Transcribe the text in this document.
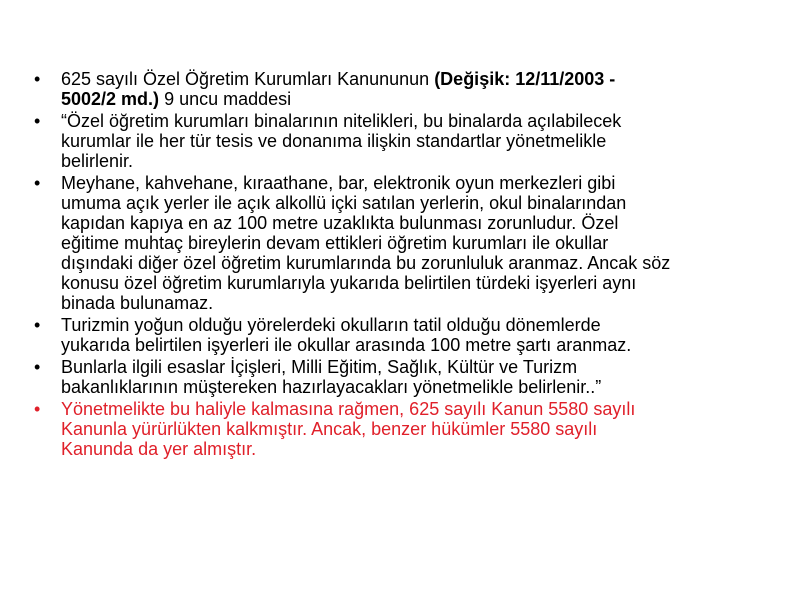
•	625 sayılı Özel Öğretim Kurumları Kanununun (Değişik: 12/11/2003 - 5002/2 md.) 9 uncu maddesi
•	“Özel öğretim kurumları binalarının nitelikleri, bu binalarda açılabilecek kurumlar ile her tür tesis ve donanıma ilişkin standartlar yönetmelikle belirlenir.
•	Meyhane, kahvehane, kıraathane, bar, elektronik oyun merkezleri gibi umuma açık yerler ile açık alkollü içki satılan yerlerin, okul binalarından kapıdan kapıya en az 100 metre uzaklıkta bulunması zorunludur. Özel eğitime muhtaç bireylerin devam ettikleri öğretim kurumları ile okullar dışındaki diğer özel öğretim kurumlarında bu zorunluluk aranmaz. Ancak söz konusu özel öğretim kurumlarıyla yukarıda belirtilen türdeki işyerleri aynı binada bulunamaz.
•	Turizmin yoğun olduğu yörelerdeki okulların tatil olduğu dönemlerde yukarıda belirtilen işyerleri ile okullar arasında 100 metre şartı aranmaz.
•	Bunlarla ilgili esaslar İçişleri, Milli Eğitim, Sağlık, Kültür ve Turizm bakanlıklarının müştereken hazırlayacakları yönetmelikle belirlenir..”
•	Yönetmelikte bu haliyle kalmasına rağmen, 625 sayılı Kanun 5580 sayılı Kanunla yürürlükten kalkmıştır. Ancak, benzer hükümler 5580 sayılı Kanunda da yer almıştır.
